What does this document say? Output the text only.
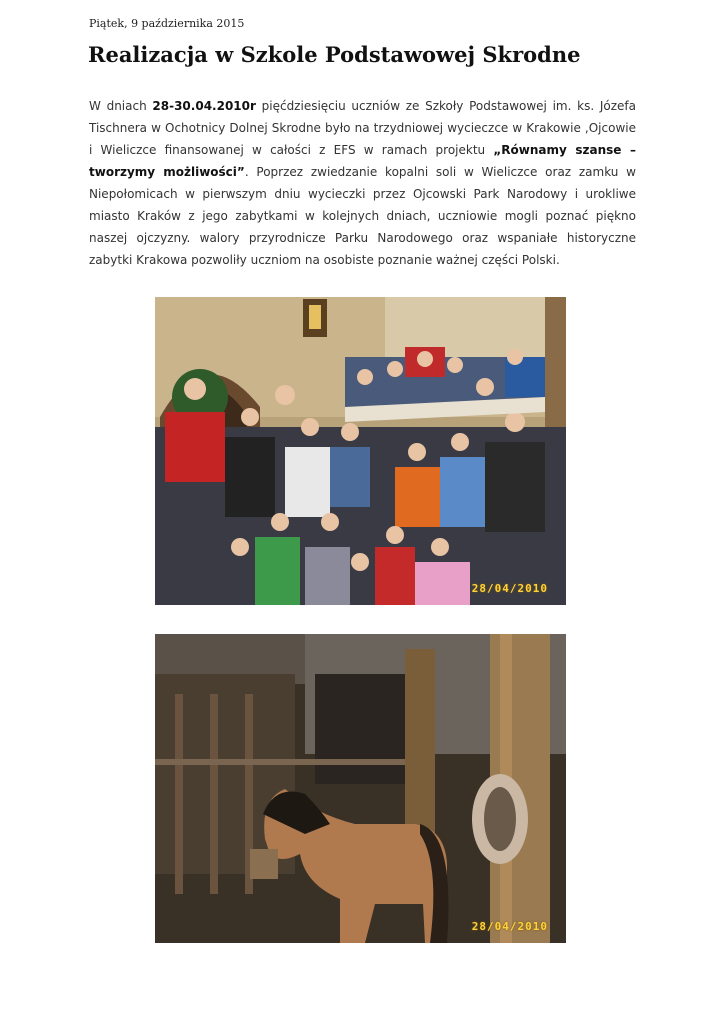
Piątek, 9 października 2015
Realizacja w Szkole Podstawowej Skrodne
W dniach 28-30.04.2010r pięćdziesięciu uczniów ze Szkoły Podstawowej im. ks. Józefa Tischnera w Ochotnicy Dolnej Skrodne było na trzydniowej wycieczce w Krakowie ,Ojcowie i Wieliczce finansowanej w całości z EFS w ramach projektu „Równamy szanse –tworzymy możliwości”. Poprzez zwiedzanie kopalni soli w Wieliczce oraz zamku w Niepołomicach w pierwszym dniu wycieczki przez Ojcowski Park Narodowy i urokliwe miasto Kraków z jego zabytkami w kolejnych dniach, uczniowie mogli poznać piękno naszej ojczyzny. walory przyrodnicze Parku Narodowego oraz wspaniałe historyczne zabytki Krakowa pozwoliły uczniom na osobiste poznanie ważnej części Polski.
28/04/2010
28/04/2010
